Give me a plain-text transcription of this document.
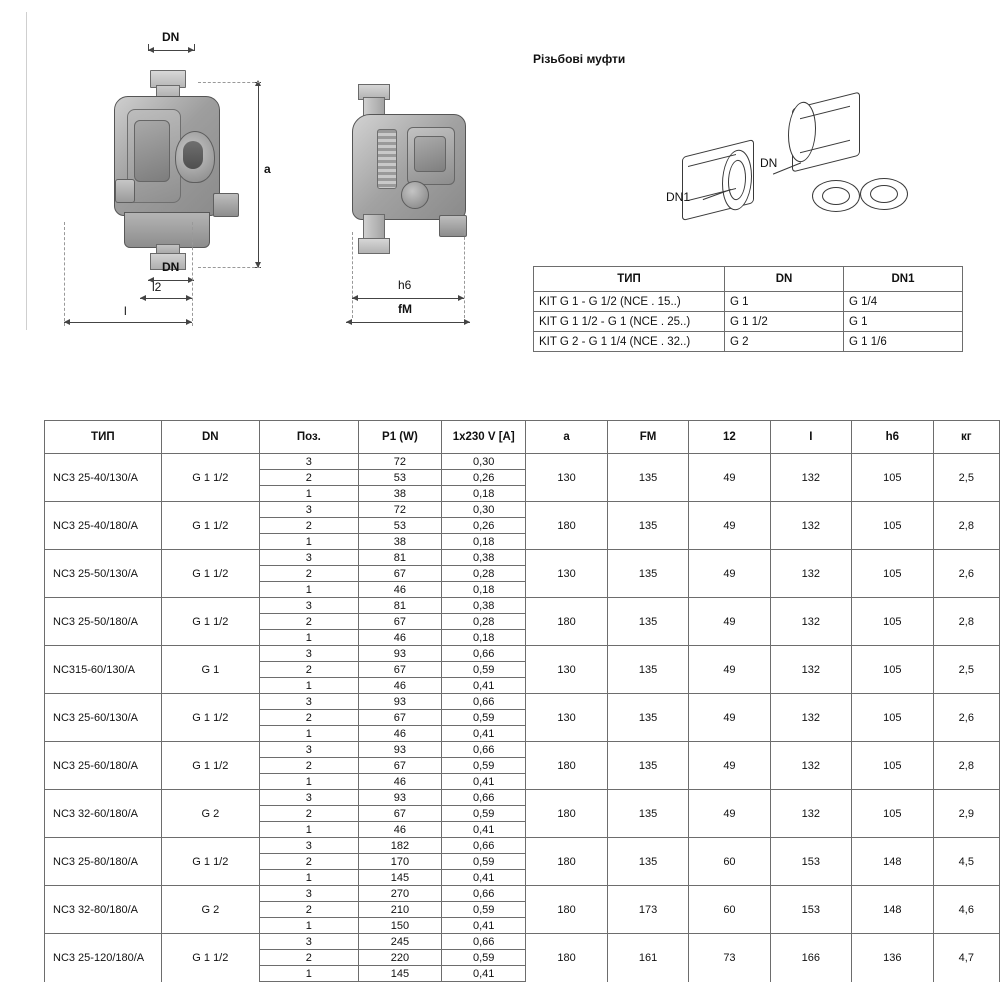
DN
DN
a
l2
l
h6
fM
DN
DN1
Різьбові муфти
ТИП	DN	DN1
KIT G 1 - G 1/2 (NCE . 15..)	G 1	G 1/4
KIT G 1 1/2 - G 1 (NCE . 25..)	G 1 1/2	G 1
KIT G 2 - G 1 1/4 (NCE . 32..)	G 2	G 1 1/6
ТИП	DN	Поз.	P1 (W)	1x230 V [A]	a	FM	12	I	h6	кг
NC3 25-40/130/A	G 1 1/2	3	72	0,30	130	135	49	132	105	2,5
		2	53	0,26						
		1	38	0,18						
NC3 25-40/180/A	G 1 1/2	3	72	0,30	180	135	49	132	105	2,8
		2	53	0,26						
		1	38	0,18						
NC3 25-50/130/A	G 1 1/2	3	81	0,38	130	135	49	132	105	2,6
		2	67	0,28						
		1	46	0,18						
NC3 25-50/180/A	G 1 1/2	3	81	0,38	180	135	49	132	105	2,8
		2	67	0,28						
		1	46	0,18						
NC315-60/130/A	G 1	3	93	0,66	130	135	49	132	105	2,5
		2	67	0,59						
		1	46	0,41						
NC3 25-60/130/A	G 1 1/2	3	93	0,66	130	135	49	132	105	2,6
		2	67	0,59						
		1	46	0,41						
NC3 25-60/180/A	G 1 1/2	3	93	0,66	180	135	49	132	105	2,8
		2	67	0,59						
		1	46	0,41						
NC3 32-60/180/A	G 2	3	93	0,66	180	135	49	132	105	2,9
		2	67	0,59						
		1	46	0,41						
NC3 25-80/180/A	G 1 1/2	3	182	0,66	180	135	60	153	148	4,5
		2	170	0,59						
		1	145	0,41						
NC3 32-80/180/A	G 2	3	270	0,66	180	173	60	153	148	4,6
		2	210	0,59						
		1	150	0,41						
NC3 25-120/180/A	G 1 1/2	3	245	0,66	180	161	73	166	136	4,7
		2	220	0,59						
		1	145	0,41						
